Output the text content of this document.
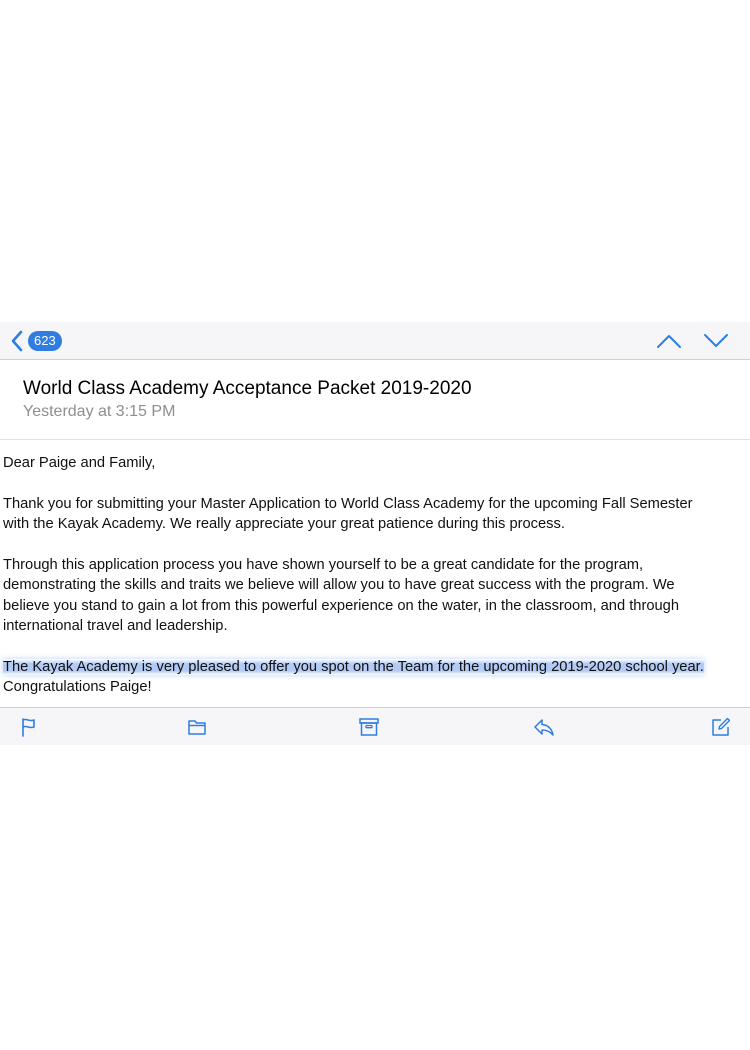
623
World Class Academy Acceptance Packet 2019-2020
Yesterday at 3:15 PM

Dear Paige and Family,

Thank you for submitting your Master Application to World Class Academy for the upcoming Fall Semester
with the Kayak Academy. We really appreciate your great patience during this process.

Through this application process you have shown yourself to be a great candidate for the program,
demonstrating the skills and traits we believe will allow you to have great success with the program. We
believe you stand to gain a lot from this powerful experience on the water, in the classroom, and through
international travel and leadership.

The Kayak Academy is very pleased to offer you spot on the Team for the upcoming 2019-2020 school year.
Congratulations Paige!
